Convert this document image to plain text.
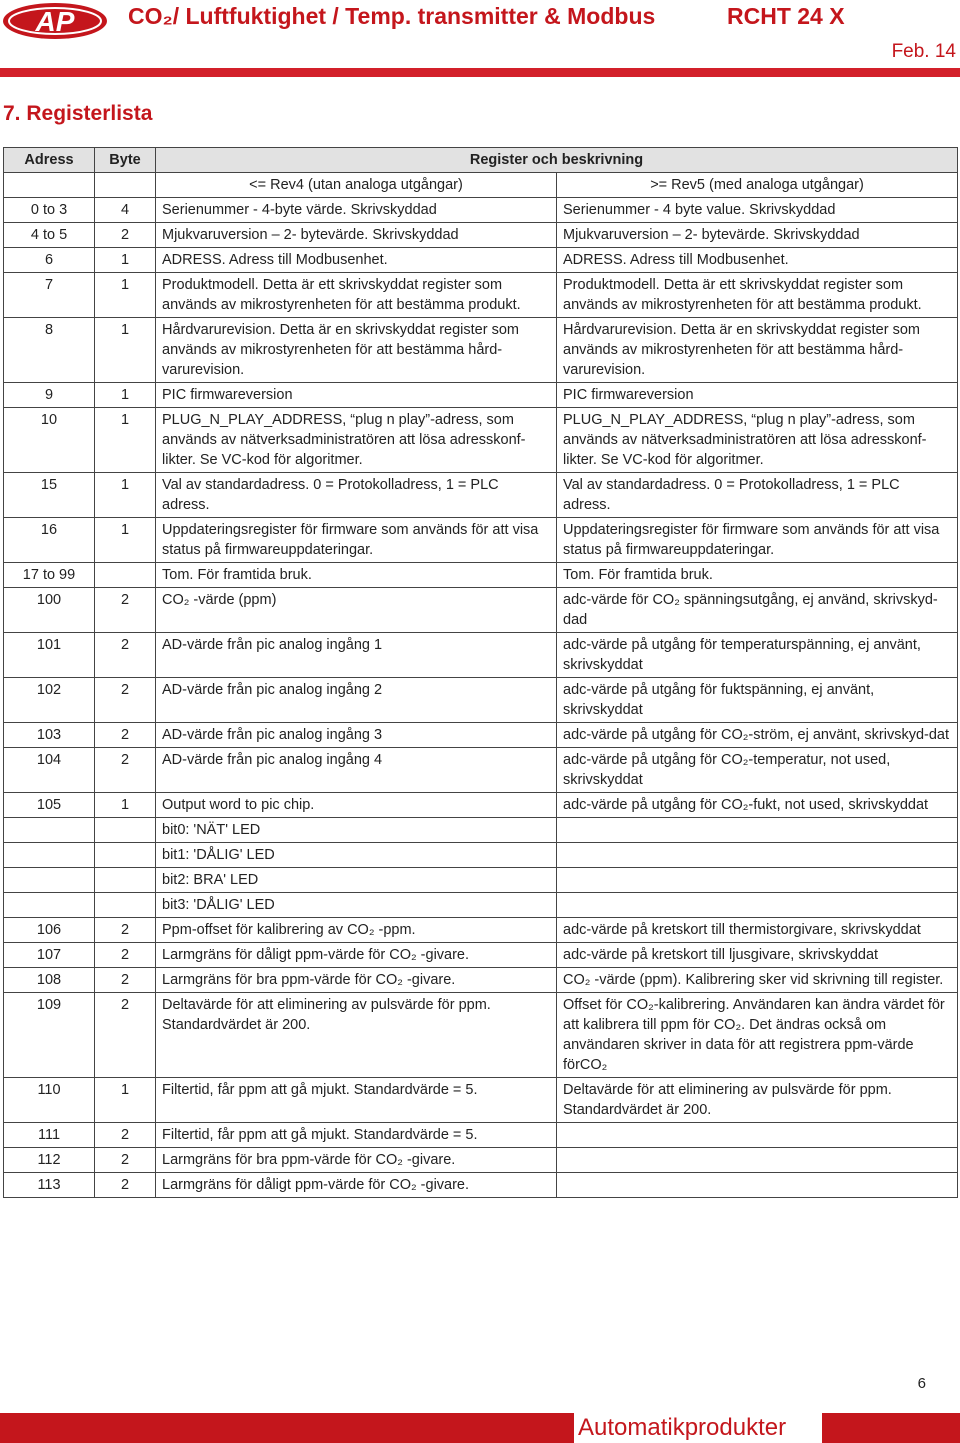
AP CO₂/ Luftfuktighet / Temp. transmitter & Modbus	RCHT 24 X
Feb. 14
7. Registerlista
Adress	Byte	Register och beskrivning	
		<= Rev4 (utan analoga utgångar)	>= Rev5 (med analoga utgångar)
0 to 3	4	Serienummer - 4-byte värde. Skrivskyddad	Serienummer - 4 byte value. Skrivskyddad
4 to 5	2	Mjukvaruversion – 2- bytevärde. Skrivskyddad	Mjukvaruversion – 2- bytevärde. Skrivskyddad
6	1	ADRESS. Adress till Modbusenhet.	ADRESS. Adress till Modbusenhet.
7	1	Produktmodell. Detta är ett skrivskyddat register som används av mikrostyrenheten för att bestämma produkt.	Produktmodell. Detta är ett skrivskyddat register som används av mikrostyrenheten för att bestämma produkt.
8	1	Hårdvarurevision. Detta är en skrivskyddat register som används av mikrostyrenheten för att bestämma hård-varurevision.	Hårdvarurevision. Detta är en skrivskyddat register som används av mikrostyrenheten för att bestämma hård-varurevision.
9	1	PIC firmwareversion	PIC firmwareversion
10	1	PLUG_N_PLAY_ADDRESS, “plug n play”-adress, som används av nätverksadministratören att lösa adresskonf-likter. Se VC-kod för algoritmer.	PLUG_N_PLAY_ADDRESS, “plug n play”-adress, som används av nätverksadministratören att lösa adresskonf-likter. Se VC-kod för algoritmer.
15	1	Val av standardadress. 0 = Protokolladress, 1 = PLC adress.	Val av standardadress. 0 = Protokolladress, 1 = PLC adress.
16	1	Uppdateringsregister för firmware som används för att visa status på firmwareuppdateringar.	Uppdateringsregister för firmware som används för att visa status på firmwareuppdateringar.
17 to 99		Tom. För framtida bruk.	Tom. För framtida bruk.
100	2	CO₂ -värde (ppm)	adc-värde för CO₂ spänningsutgång, ej använd, skrivskyd-dad
101	2	AD-värde från pic analog ingång 1	adc-värde på utgång för temperaturspänning, ej använt, skrivskyddat
102	2	AD-värde från pic analog ingång 2	adc-värde på utgång för fuktspänning, ej använt, skrivskyddat
103	2	AD-värde från pic analog ingång 3	adc-värde på utgång för CO₂-ström, ej använt, skrivskyd-dat
104	2	AD-värde från pic analog ingång 4	adc-värde på utgång för CO₂-temperatur, not used, skrivskyddat
105	1	Output word to pic chip.	adc-värde på utgång för CO₂-fukt, not used, skrivskyddat
		bit0: 'NÄT' LED	
		bit1: 'DÅLIG' LED	
		bit2: BRA' LED	
		bit3: 'DÅLIG' LED	
106	2	Ppm-offset för kalibrering av CO₂ -ppm.	adc-värde på kretskort till thermistorgivare, skrivskyddat
107	2	Larmgräns för dåligt ppm-värde för CO₂ -givare.	adc-värde på kretskort till ljusgivare, skrivskyddat
108	2	Larmgräns för bra ppm-värde för CO₂ -givare.	CO₂ -värde (ppm). Kalibrering sker vid skrivning till register.
109	2	Deltavärde för att eliminering av pulsvärde för ppm. Standardvärdet är 200.	Offset för CO₂-kalibrering. Användaren kan ändra värdet för att kalibrera till ppm för CO₂. Det ändras också om användaren skriver in data för att registrera ppm-värde förCO₂
110	1	Filtertid, får ppm att gå mjukt. Standardvärde = 5.	Deltavärde för att eliminering av pulsvärde för ppm. Standardvärdet är 200.
111	2	Filtertid, får ppm att gå mjukt. Standardvärde = 5.	
112	2	Larmgräns för bra ppm-värde för CO₂ -givare.	
113	2	Larmgräns för dåligt ppm-värde för CO₂ -givare.	
6
Automatikprodukter
